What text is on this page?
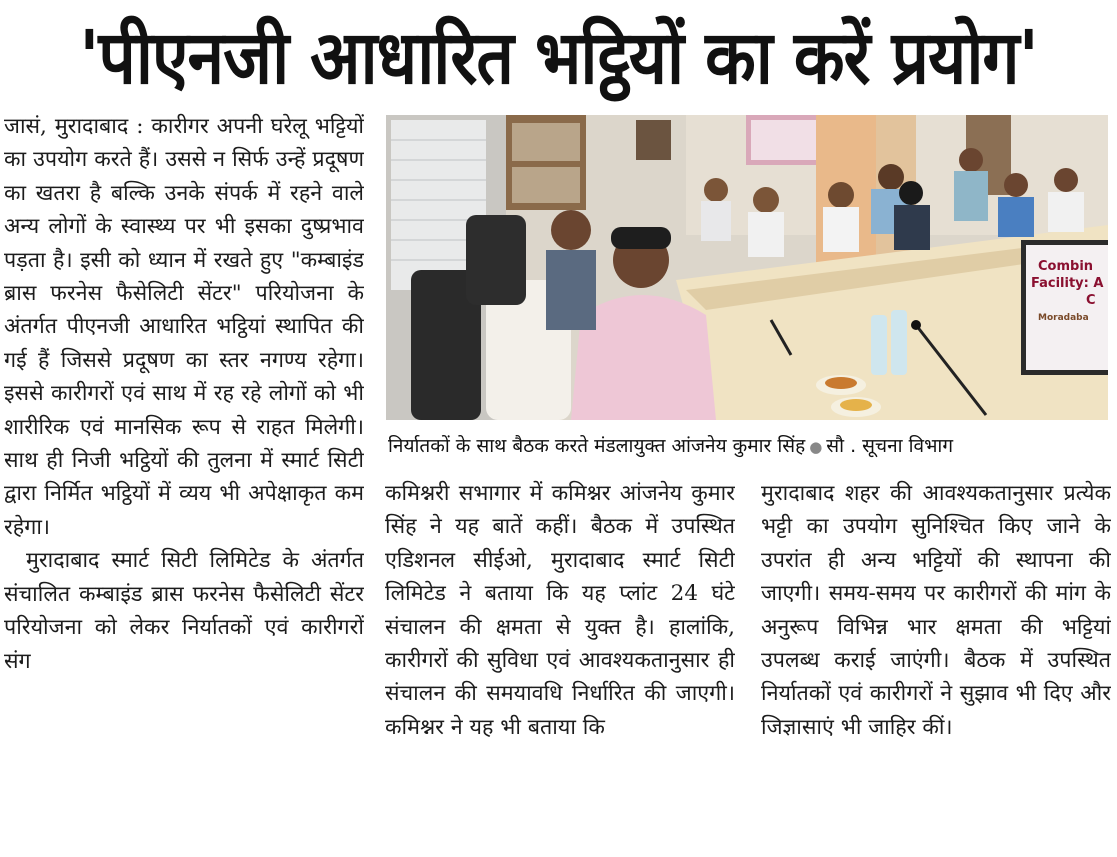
'पीएनजी आधारित भट्ठियों का करें प्रयोग'

जासं, मुरादाबाद : कारीगर अपनी घरेलू भट्टियों का उपयोग करते हैं। उससे न सिर्फ उन्हें प्रदूषण का खतरा है बल्कि उनके संपर्क में रहने वाले अन्य लोगों के स्वास्थ्य पर भी इसका दुष्प्रभाव पड़ता है। इसी को ध्यान में रखते हुए "कम्बाइंड ब्रास फरनेस फैसेलिटी सेंटर" परियोजना के अंतर्गत पीएनजी आधारित भट्ठियां स्थापित की गई हैं जिससे प्रदूषण का स्तर नगण्य रहेगा। इससे कारीगरों एवं साथ में रह रहे लोगों को भी शारीरिक एवं मानसिक रूप से राहत मिलेगी। साथ ही निजी भट्ठियों की तुलना में स्मार्ट सिटी द्वारा निर्मित भट्ठियों में व्यय भी अपेक्षाकृत कम रहेगा।

मुरादाबाद स्मार्ट सिटी लिमिटेड के अंतर्गत संचालित कम्बाइंड ब्रास फरनेस फैसेलिटी सेंटर परियोजना को लेकर निर्यातकों एवं कारीगरों संग

Combin
Facility: A
C
Moradaba
निर्यातकों के साथ बैठक करते मंडलायुक्त आंजनेय कुमार सिंह ● सौ . सूचना विभाग

कमिश्नरी सभागार में कमिश्नर आंजनेय कुमार सिंह ने यह बातें कहीं। बैठक में उपस्थित एडिशनल सीईओ, मुरादाबाद स्मार्ट सिटी लिमिटेड ने बताया कि यह प्लांट 24 घंटे संचालन की क्षमता से युक्त है। हालांकि, कारीगरों की सुविधा एवं आवश्यकतानुसार ही संचालन की समयावधि निर्धारित की जाएगी। कमिश्नर ने यह भी बताया कि

मुरादाबाद शहर की आवश्यकतानुसार प्रत्येक भट्टी का उपयोग सुनिश्चित किए जाने के उपरांत ही अन्य भट्टियों की स्थापना की जाएगी। समय-समय पर कारीगरों की मांग के अनुरूप विभिन्न भार क्षमता की भट्टियां उपलब्ध कराई जाएंगी। बैठक में उपस्थित निर्यातकों एवं कारीगरों ने सुझाव भी दिए और जिज्ञासाएं भी जाहिर कीं।
